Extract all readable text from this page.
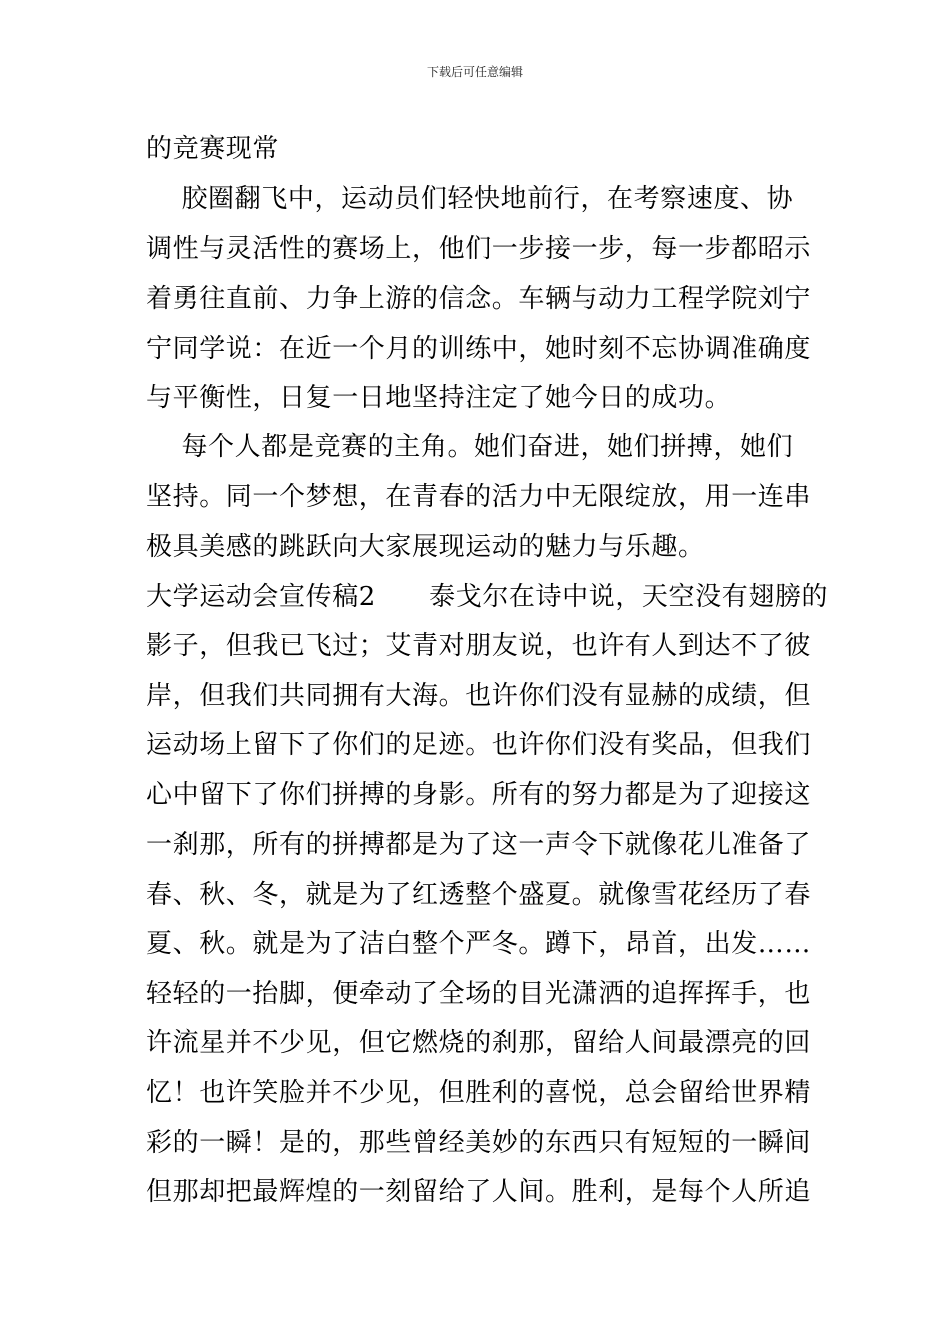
下载后可任意编辑
的竞赛现常
胶圈翻飞中，运动员们轻快地前行，在考察速度、协
调性与灵活性的赛场上，他们一步接一步，每一步都昭示
着勇往直前、力争上游的信念。车辆与动力工程学院刘宁
宁同学说：在近一个月的训练中，她时刻不忘协调准确度
与平衡性，日复一日地坚持注定了她今日的成功。
每个人都是竞赛的主角。她们奋进，她们拼搏，她们
坚持。同一个梦想，在青春的活力中无限绽放，用一连串
极具美感的跳跃向大家展现运动的魅力与乐趣。
大学运动会宣传稿2      泰戈尔在诗中说，天空没有翅膀的
影子，但我已飞过；艾青对朋友说，也许有人到达不了彼
岸，但我们共同拥有大海。也许你们没有显赫的成绩，但
运动场上留下了你们的足迹。也许你们没有奖品，但我们
心中留下了你们拼搏的身影。所有的努力都是为了迎接这
一刹那，所有的拼搏都是为了这一声令下就像花儿准备了
春、秋、冬，就是为了红透整个盛夏。就像雪花经历了春
夏、秋。就是为了洁白整个严冬。蹲下，昂首，出发……
轻轻的一抬脚，便牵动了全场的目光潇洒的追挥挥手，也
许流星并不少见，但它燃烧的刹那，留给人间最漂亮的回
忆！也许笑脸并不少见，但胜利的喜悦，总会留给世界精
彩的一瞬！是的，那些曾经美妙的东西只有短短的一瞬间
但那却把最辉煌的一刻留给了人间。胜利，是每个人所追
